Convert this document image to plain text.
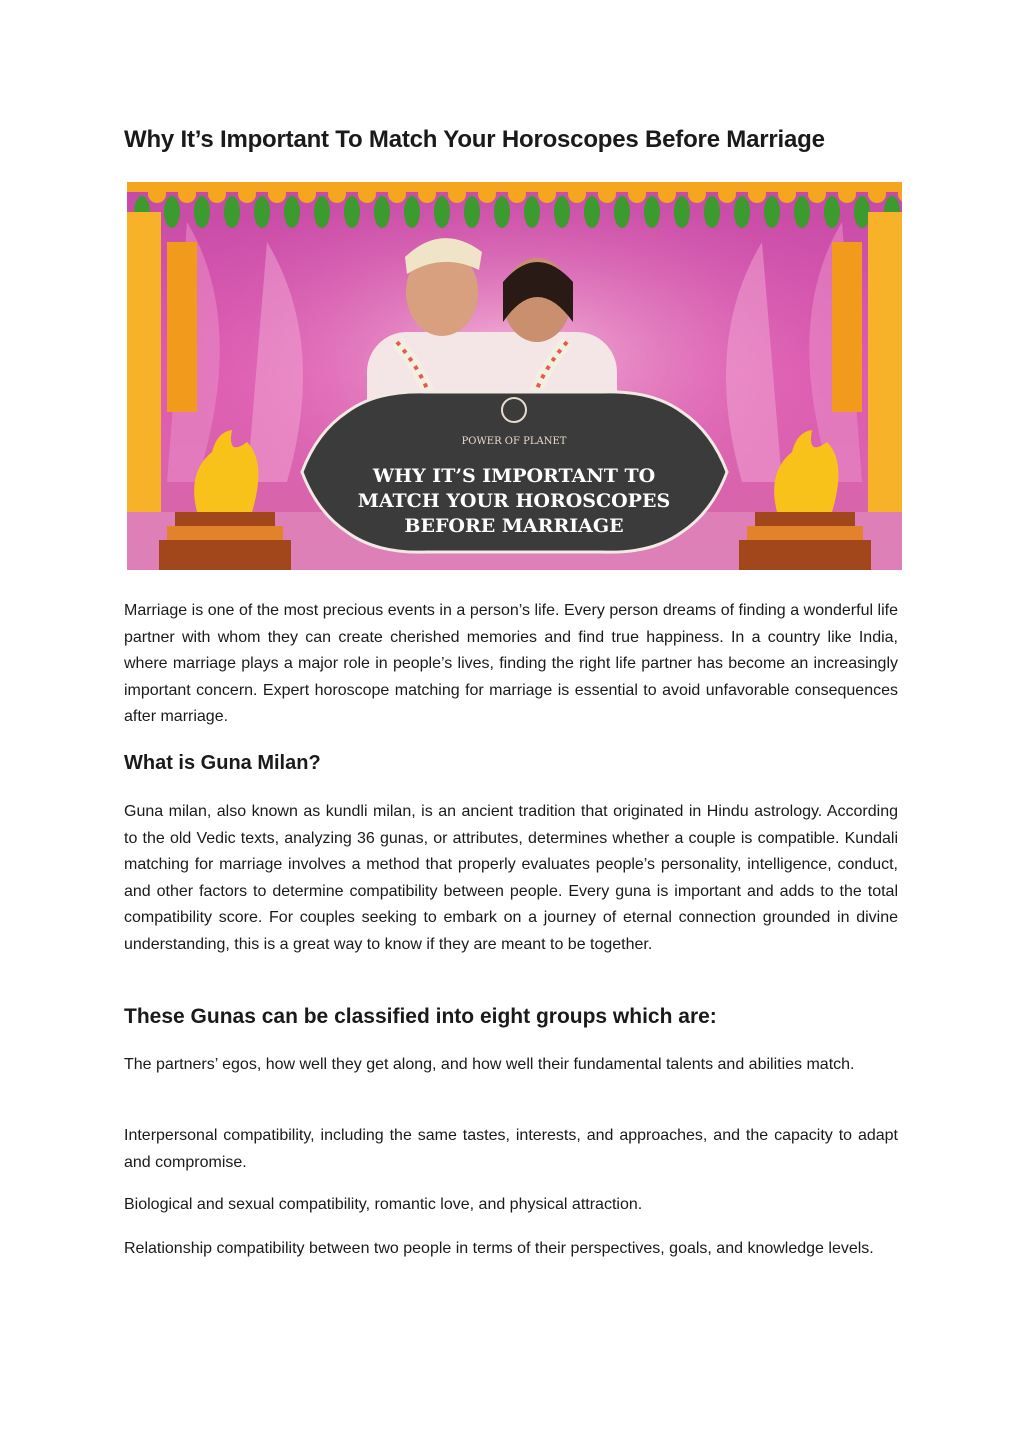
Why It’s Important To Match Your Horoscopes Before Marriage
POWER OF PLANET
WHY IT’S IMPORTANT TO
MATCH YOUR HOROSCOPES
BEFORE MARRIAGE

Marriage is one of the most precious events in a person’s life. Every person dreams of finding a wonderful life partner with whom they can create cherished memories and find true happiness. In a country like India, where marriage plays a major role in people’s lives, finding the right life partner has become an increasingly important concern. Expert horoscope matching for marriage is essential to avoid unfavorable consequences after marriage.

What is Guna Milan?

Guna milan, also known as kundli milan, is an ancient tradition that originated in Hindu astrology. According to the old Vedic texts, analyzing 36 gunas, or attributes, determines whether a couple is compatible. Kundali matching for marriage involves a method that properly evaluates people’s personality, intelligence, conduct, and other factors to determine compatibility between people. Every guna is important and adds to the total compatibility score. For couples seeking to embark on a journey of eternal connection grounded in divine understanding, this is a great way to know if they are meant to be together.

These Gunas can be classified into eight groups which are:

The partners’ egos, how well they get along, and how well their fundamental talents and abilities match.

Interpersonal compatibility, including the same tastes, interests, and approaches, and the capacity to adapt and compromise.

Biological and sexual compatibility, romantic love, and physical attraction.

Relationship compatibility between two people in terms of their perspectives, goals, and knowledge levels.
